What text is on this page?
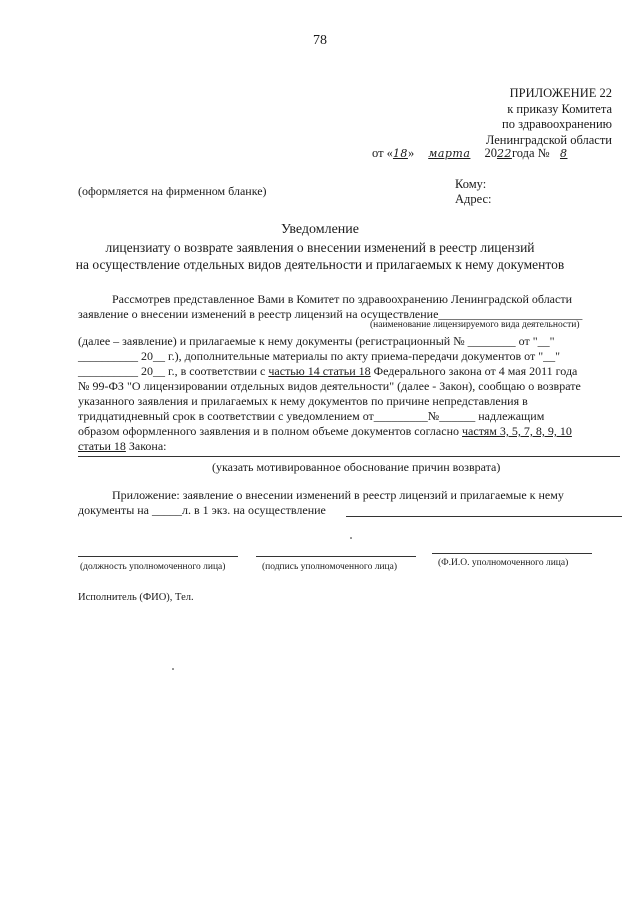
78
ПРИЛОЖЕНИЕ 22
к приказу Комитета
по здравоохранению
Ленинградской области
от «18» марта 2022года № 8
(оформляется на фирменном бланке)	Кому:
Адрес:
Уведомление
лицензиату о возврате заявления о внесении изменений в реестр лицензий
на осуществление отдельных видов деятельности и прилагаемых к нему документов
Рассмотрев представленное Вами в Комитет по здравоохранению Ленинградской области
заявление о внесении изменений в реестр лицензий на осуществление________________________
(наименование лицензируемого вида деятельности)
(далее – заявление) и прилагаемые к нему документы (регистрационный № ________ от "__"
__________ 20__ г.), дополнительные материалы по акту приема-передачи документов от "__"
__________ 20__ г., в соответствии с частью 14 статьи 18 Федерального закона от 4 мая 2011 года
№ 99-ФЗ "О лицензировании отдельных видов деятельности" (далее - Закон), сообщаю о возврате
указанного заявления и прилагаемых к нему документов по причине непредставления в
тридцатидневный срок в соответствии с уведомлением от_________№______ надлежащим
образом оформленного заявления и в полном объеме документов согласно частям 3, 5, 7, 8, 9, 10
статьи 18 Закона:
(указать мотивированное обоснование причин возврата)
Приложение: заявление о внесении изменений в реестр лицензий и прилагаемые к нему
документы на _____л. в 1 экз. на осуществление
(должность уполномоченного лица)	(подпись уполномоченного лица)	(Ф.И.О. уполномоченного лица)
Исполнитель (ФИО), Тел.
